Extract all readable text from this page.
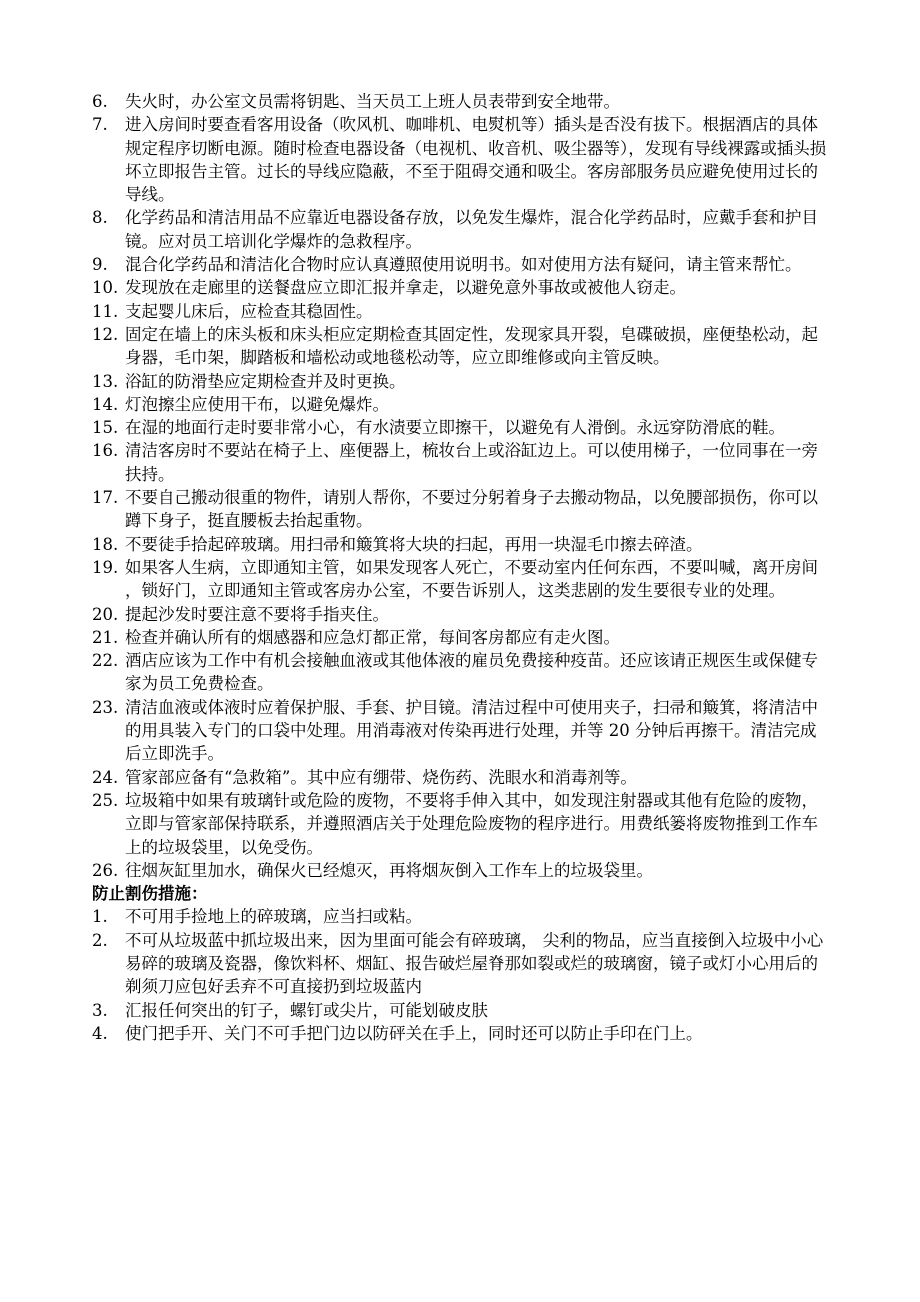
6.	失火时，办公室文员需将钥匙、当天员工上班人员表带到安全地带。
7.	进入房间时要查看客用设备（吹风机、咖啡机、电熨机等）插头是否没有拔下。根据酒店的具体规定程序切断电源。随时检查电器设备（电视机、收音机、吸尘器等），发现有导线裸露或插头损坏立即报告主管。过长的导线应隐蔽，不至于阻碍交通和吸尘。客房部服务员应避免使用过长的导线。
8.	化学药品和清洁用品不应靠近电器设备存放，以免发生爆炸，混合化学药品时，应戴手套和护目镜。应对员工培训化学爆炸的急救程序。
9.	混合化学药品和清洁化合物时应认真遵照使用说明书。如对使用方法有疑问，请主管来帮忙。
10. 发现放在走廊里的送餐盘应立即汇报并拿走，以避免意外事故或被他人窃走。
11. 支起婴儿床后，应检查其稳固性。
12. 固定在墙上的床头板和床头柜应定期检查其固定性，发现家具开裂，皂碟破损，座便垫松动，起身器，毛巾架，脚踏板和墙松动或地毯松动等，应立即维修或向主管反映。
13. 浴缸的防滑垫应定期检查并及时更换。
14. 灯泡擦尘应使用干布，以避免爆炸。
15. 在湿的地面行走时要非常小心，有水渍要立即擦干，以避免有人滑倒。永远穿防滑底的鞋。
16. 清洁客房时不要站在椅子上、座便器上，梳妆台上或浴缸边上。可以使用梯子，一位同事在一旁扶持。
17. 不要自己搬动很重的物件，请别人帮你，不要过分躬着身子去搬动物品，以免腰部损伤，你可以蹲下身子，挺直腰板去抬起重物。
18. 不要徒手拾起碎玻璃。用扫帚和簸箕将大块的扫起，再用一块湿毛巾擦去碎渣。
19. 如果客人生病，立即通知主管，如果发现客人死亡，不要动室内任何东西，不要叫喊，离开房间 ，锁好门，立即通知主管或客房办公室，不要告诉别人，这类悲剧的发生要很专业的处理。
20. 提起沙发时要注意不要将手指夹住。
21. 检查并确认所有的烟感器和应急灯都正常，每间客房都应有走火图。
22. 酒店应该为工作中有机会接触血液或其他体液的雇员免费接种疫苗。还应该请正规医生或保健专家为员工免费检查。
23. 清洁血液或体液时应着保护服、手套、护目镜。清洁过程中可使用夹子，扫帚和簸箕，将清洁中的用具装入专门的口袋中处理。用消毒液对传染再进行处理，并等 20 分钟后再擦干。清洁完成后立即洗手。
24. 管家部应备有“急救箱”。其中应有绷带、烧伤药、洗眼水和消毒剂等。
25. 垃圾箱中如果有玻璃针或危险的废物，不要将手伸入其中，如发现注射器或其他有危险的废物，立即与管家部保持联系，并遵照酒店关于处理危险废物的程序进行。用费纸篓将废物推到工作车上的垃圾袋里，以免受伤。
26. 往烟灰缸里加水，确保火已经熄灭，再将烟灰倒入工作车上的垃圾袋里。
防止割伤措施：
1.	不可用手捡地上的碎玻璃，应当扫或粘。
2.	不可从垃圾蓝中抓垃圾出来，因为里面可能会有碎玻璃， 尖利的物品，应当直接倒入垃圾中小心易碎的玻璃及瓷器，像饮料杯、烟缸、报告破烂屋脊那如裂或烂的玻璃窗，镜子或灯小心用后的剃须刀应包好丢弃不可直接扔到垃圾蓝内
3.	汇报任何突出的钉子，螺钉或尖片，可能划破皮肤
4.	使门把手开、关门不可手把门边以防砰关在手上，同时还可以防止手印在门上。
